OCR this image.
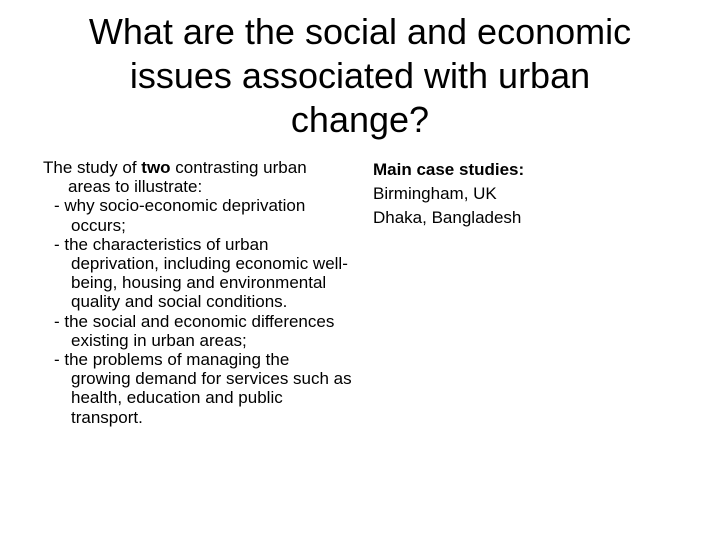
What are the social and economic
issues associated with urban
change?

The study of two contrasting urban areas to illustrate:

- why socio-economic deprivation occurs;

- the characteristics of urban deprivation, including economic well-being, housing and environmental quality and social conditions.

- the social and economic differences existing in urban areas;

- the problems of managing the growing demand for services such as health, education and public transport.

Main case studies:

Birmingham, UK

Dhaka, Bangladesh
